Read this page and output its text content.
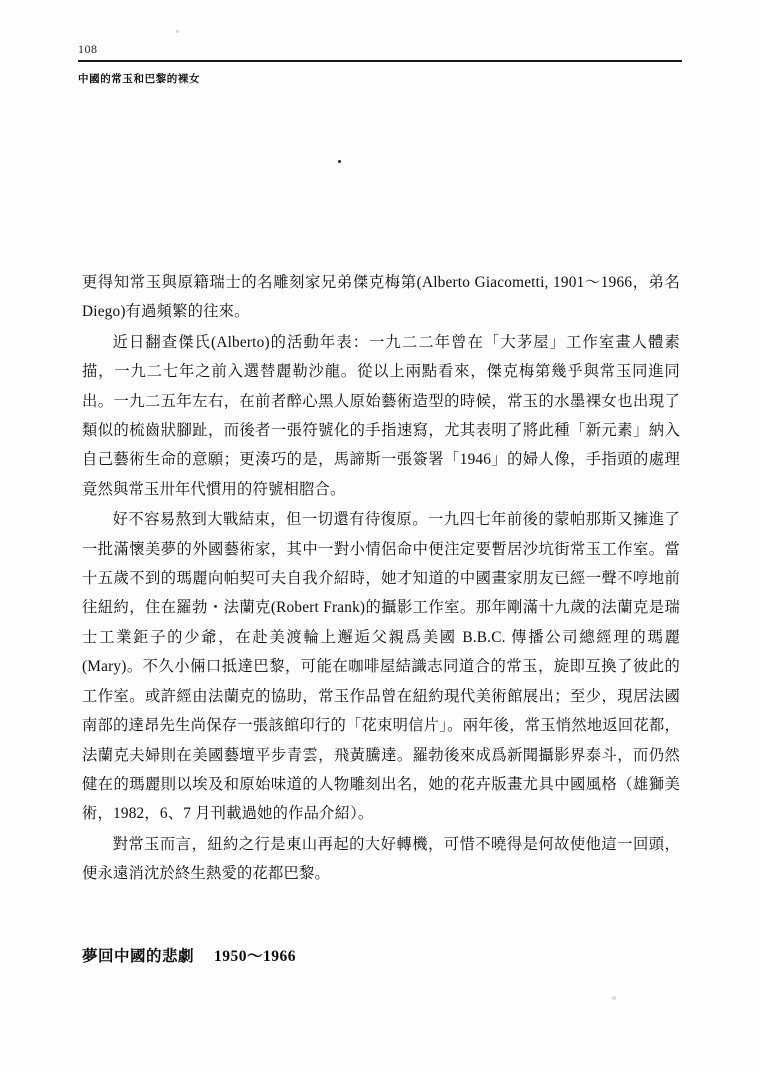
108
中國的常玉和巴黎的裸女

更得知常玉與原籍瑞士的名雕刻家兄弟傑克梅第(Alberto Giacometti, 1901～1966，弟名 Diego)有過頻繁的往來。

近日翻查傑氏(Alberto)的活動年表：一九二二年曾在「大茅屋」工作室畫人體素描，一九二七年之前入選替麗勒沙龍。從以上兩點看來，傑克梅第幾乎與常玉同進同出。一九二五年左右，在前者醉心黑人原始藝術造型的時候，常玉的水墨裸女也出現了類似的梳齒狀腳趾，而後者一張符號化的手指速寫，尤其表明了將此種「新元素」納入自己藝術生命的意願；更湊巧的是，馬諦斯一張簽署「1946」的婦人像，手指頭的處理竟然與常玉卅年代慣用的符號相脗合。

好不容易熬到大戰結束，但一切還有待復原。一九四七年前後的蒙帕那斯又擁進了一批滿懷美夢的外國藝術家，其中一對小情侶命中便注定要暫居沙坑街常玉工作室。當十五歲不到的瑪麗向帕契可夫自我介紹時，她才知道的中國畫家朋友已經一聲不哼地前往紐約，住在羅勃・法蘭克(Robert Frank)的攝影工作室。那年剛滿十九歲的法蘭克是瑞士工業鉅子的少爺，在赴美渡輪上邂逅父親爲美國 B.B.C. 傳播公司總經理的瑪麗(Mary)。不久小倆口抵達巴黎，可能在咖啡屋結識志同道合的常玉，旋即互換了彼此的工作室。或許經由法蘭克的協助，常玉作品曾在紐約現代美術館展出；至少，現居法國南部的達昂先生尚保存一張該館印行的「花束明信片」。兩年後，常玉悄然地返回花都，法蘭克夫婦則在美國藝壇平步青雲，飛黃騰達。羅勃後來成爲新聞攝影界泰斗，而仍然健在的瑪麗則以埃及和原始味道的人物雕刻出名，她的花卉版畫尤具中國風格（雄獅美術，1982，6、7 月刊載過她的作品介紹）。

對常玉而言，紐約之行是東山再起的大好轉機，可惜不曉得是何故使他這一回頭，便永遠消沈於終生熱愛的花都巴黎。

夢回中國的悲劇 1950～1966
